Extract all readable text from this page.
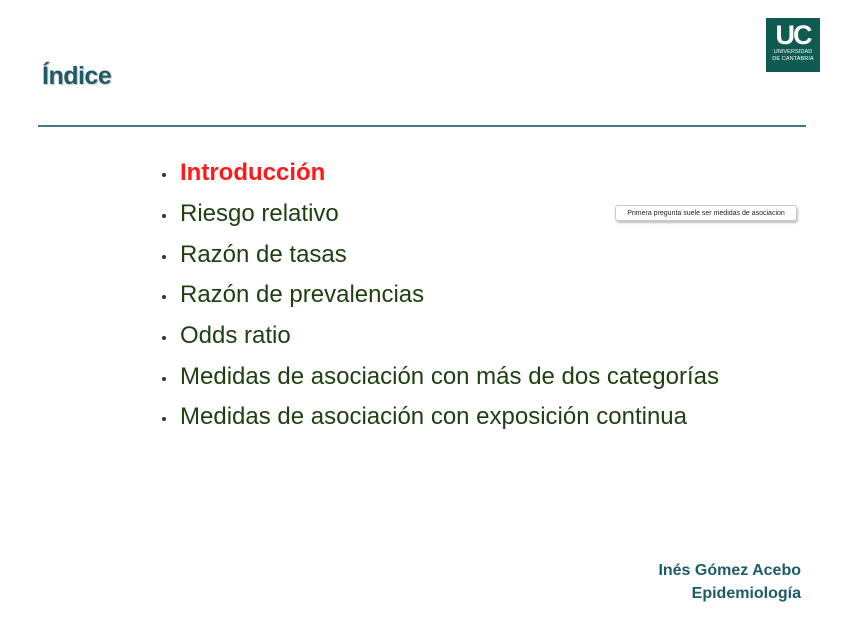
Índice
UC
UNIVERSIDAD
DE CANTABRIA
Introducción
Riesgo relativo
Razón de tasas
Razón de prevalencias
Odds ratio
Medidas de asociación con más de dos categorías
Medidas de asociación con exposición continua
Primera pregunta suele ser medidas de asociacion
Inés Gómez Acebo
Epidemiología
